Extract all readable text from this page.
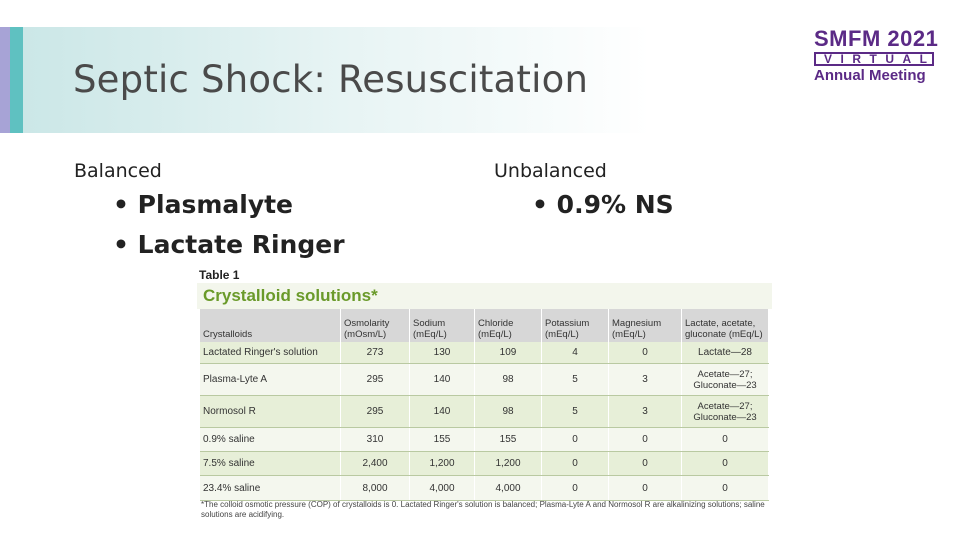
Septic Shock: Resuscitation
SMFM 2021
VIRTUAL
Annual Meeting
Balanced
• Plasmalyte
• Lactate Ringer
Unbalanced
• 0.9% NS
Table 1
Crystalloid solutions*
Crystalloids	Osmolarity (mOsm/L)	Sodium (mEq/L)	Chloride (mEq/L)	Potassium (mEq/L)	Magnesium (mEq/L)	Lactate, acetate, gluconate (mEq/L)
Lactated Ringer's solution	273	130	109	4	0	Lactate—28
Plasma-Lyte A	295	140	98	5	3	Acetate—27; Gluconate—23
Normosol R	295	140	98	5	3	Acetate—27; Gluconate—23
0.9% saline	310	155	155	0	0	0
7.5% saline	2,400	1,200	1,200	0	0	0
23.4% saline	8,000	4,000	4,000	0	0	0
*The colloid osmotic pressure (COP) of crystalloids is 0. Lactated Ringer's solution is balanced; Plasma-Lyte A and Normosol R are alkalinizing solutions; saline solutions are acidifying.
